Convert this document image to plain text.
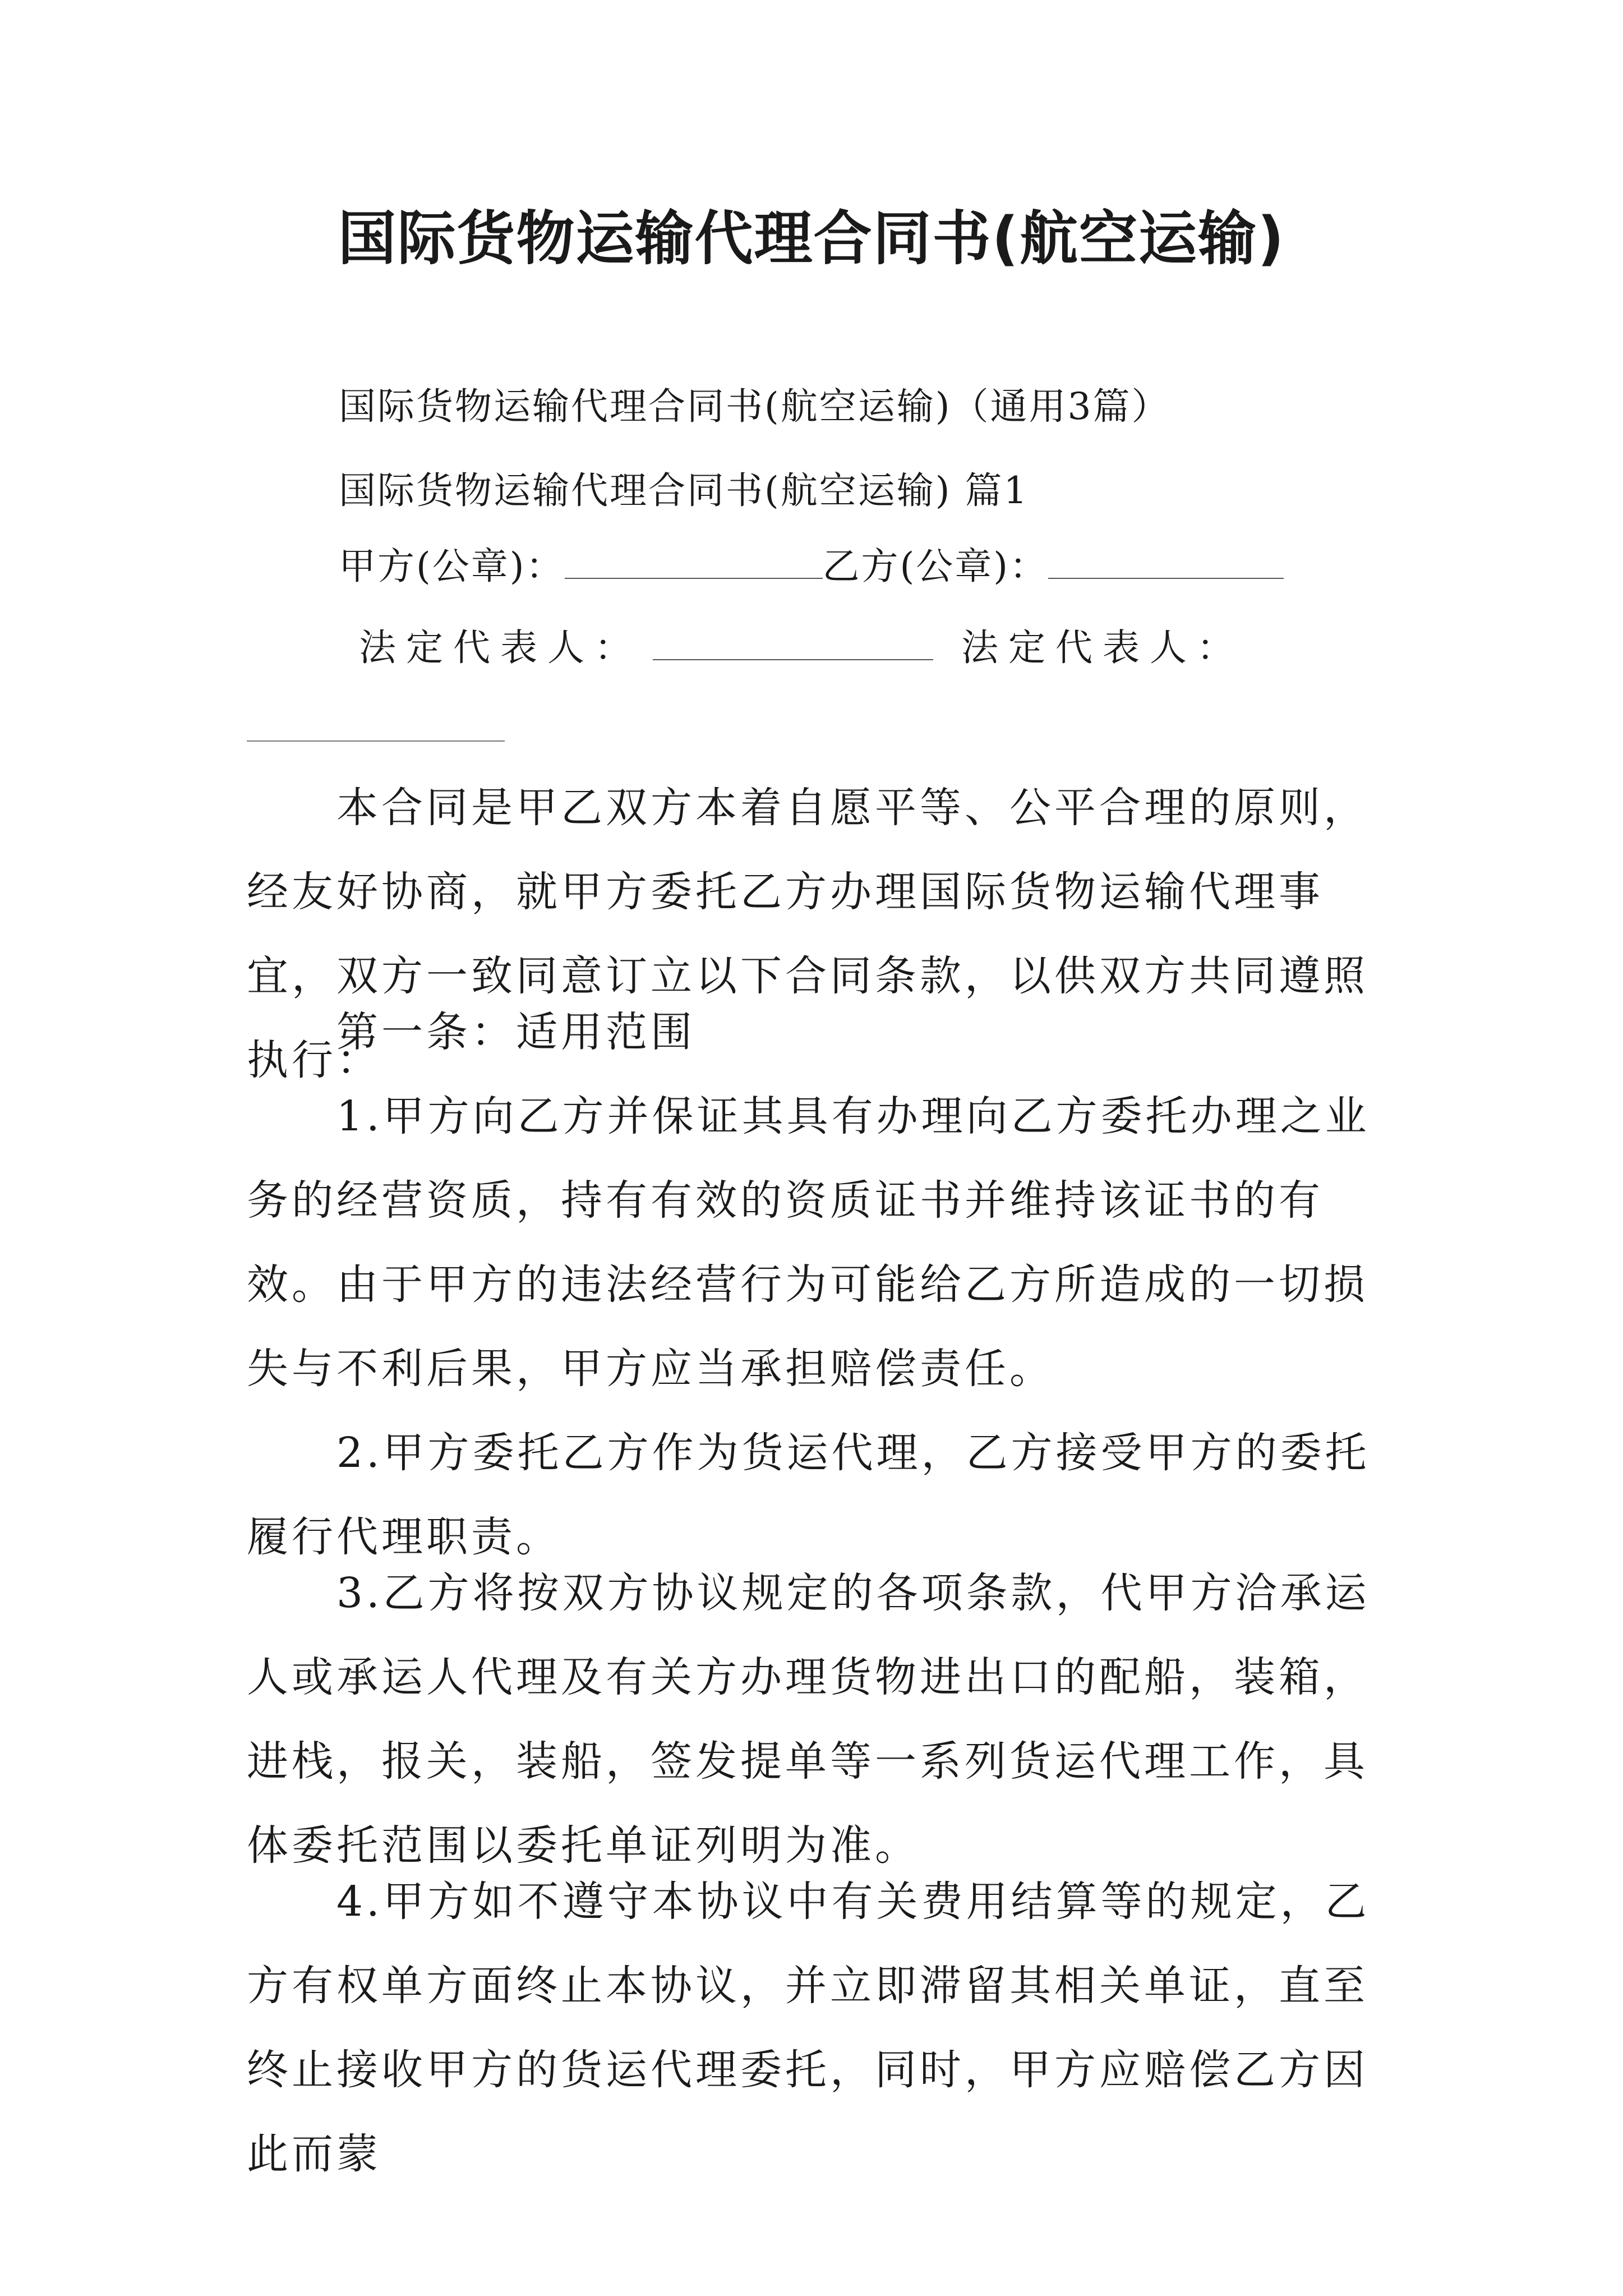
国际货物运输代理合同书(航空运输)
国际货物运输代理合同书(航空运输)（通用3篇）
国际货物运输代理合同书(航空运输) 篇1
甲方(公章)：	乙方(公章)：
法定代表人：	法定代表人：

本合同是甲乙双方本着自愿平等、公平合理的原则，经友好协商，就甲方委托乙方办理国际货物运输代理事宜，双方一致同意订立以下合同条款，以供双方共同遵照执行：

第一条：适用范围

1.甲方向乙方并保证其具有办理向乙方委托办理之业务的经营资质，持有有效的资质证书并维持该证书的有效。由于甲方的违法经营行为可能给乙方所造成的一切损失与不利后果，甲方应当承担赔偿责任。

2.甲方委托乙方作为货运代理，乙方接受甲方的委托履行代理职责。

3.乙方将按双方协议规定的各项条款，代甲方洽承运人或承运人代理及有关方办理货物进出口的配船，装箱，进栈，报关，装船，签发提单等一系列货运代理工作，具体委托范围以委托单证列明为准。

4.甲方如不遵守本协议中有关费用结算等的规定，乙方有权单方面终止本协议，并立即滞留其相关单证，直至终止接收甲方的货运代理委托，同时，甲方应赔偿乙方因此而蒙
